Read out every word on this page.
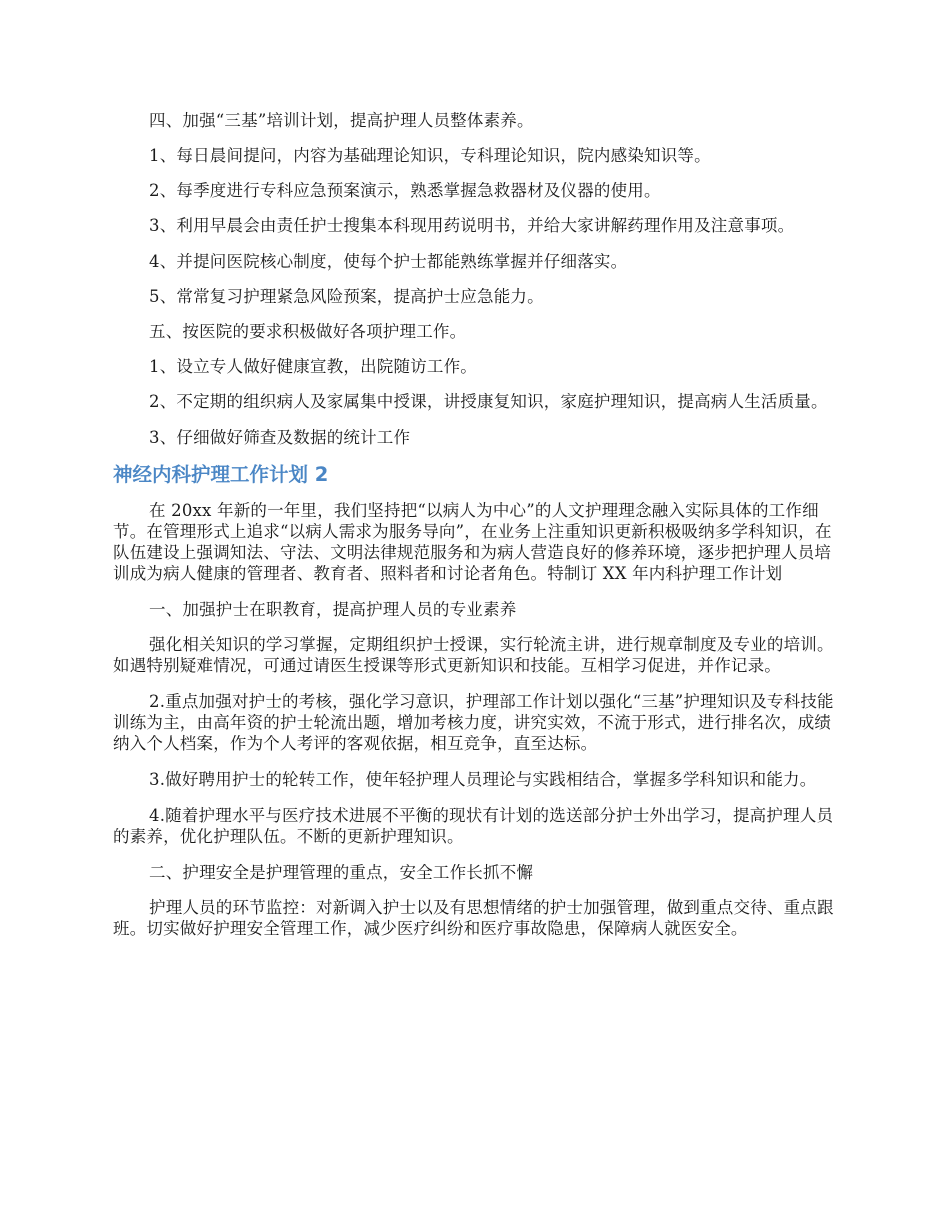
四、加强“三基”培训计划，提高护理人员整体素养。

1、每日晨间提问，内容为基础理论知识，专科理论知识，院内感染知识等。

2、每季度进行专科应急预案演示，熟悉掌握急救器材及仪器的使用。

3、利用早晨会由责任护士搜集本科现用药说明书，并给大家讲解药理作用及注意事项。

4、并提问医院核心制度，使每个护士都能熟练掌握并仔细落实。

5、常常复习护理紧急风险预案，提高护士应急能力。

五、按医院的要求积极做好各项护理工作。

1、设立专人做好健康宣教，出院随访工作。

2、不定期的组织病人及家属集中授课，讲授康复知识，家庭护理知识，提高病人生活质量。

3、仔细做好筛查及数据的统计工作

神经内科护理工作计划 2

在 20xx 年新的一年里，我们坚持把“以病人为中心”的人文护理理念融入实际具体的工作细节。在管理形式上追求“以病人需求为服务导向”，在业务上注重知识更新积极吸纳多学科知识，在队伍建设上强调知法、守法、文明法律规范服务和为病人营造良好的修养环境，逐步把护理人员培训成为病人健康的管理者、教育者、照料者和讨论者角色。特制订 XX 年内科护理工作计划

一、加强护士在职教育，提高护理人员的专业素养

强化相关知识的学习掌握，定期组织护士授课，实行轮流主讲，进行规章制度及专业的培训。如遇特别疑难情况，可通过请医生授课等形式更新知识和技能。互相学习促进，并作记录。

2.重点加强对护士的考核，强化学习意识，护理部工作计划以强化“三基”护理知识及专科技能训练为主，由高年资的护士轮流出题，增加考核力度，讲究实效，不流于形式，进行排名次，成绩纳入个人档案，作为个人考评的客观依据，相互竞争，直至达标。

3.做好聘用护士的轮转工作，使年轻护理人员理论与实践相结合，掌握多学科知识和能力。

4.随着护理水平与医疗技术进展不平衡的现状有计划的选送部分护士外出学习，提高护理人员的素养，优化护理队伍。不断的更新护理知识。

二、护理安全是护理管理的重点，安全工作长抓不懈

护理人员的环节监控：对新调入护士以及有思想情绪的护士加强管理，做到重点交待、重点跟班。切实做好护理安全管理工作，减少医疗纠纷和医疗事故隐患，保障病人就医安全。
